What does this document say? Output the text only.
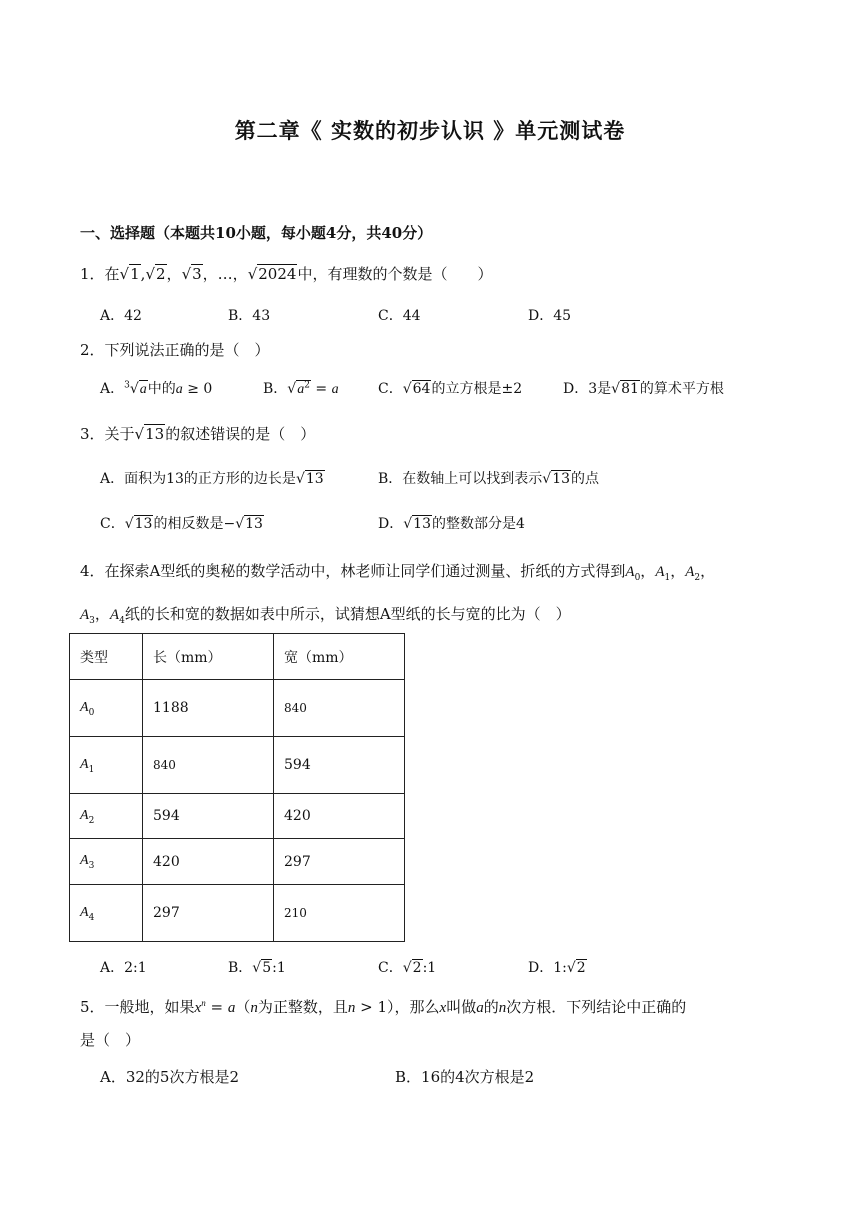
第二章《 实数的初步认识 》单元测试卷
一、选择题（本题共10小题，每小题4分，共40分）
1．在√1,√2，√3，…，√2024中，有理数的个数是（　　）
A．42	B．43	C．44	D．45
2．下列说法正确的是（　）
A．$^3$√a中的a ≥ 0	B．$√a^2 = a$	C．√64的立方根是±2	D．3是√81的算术平方根
3．关于√13的叙述错误的是（　）
A．面积为13的正方形的边长是√13	B．在数轴上可以找到表示√13的点
C．√13的相反数是−√13	D．√13的整数部分是4
4．在探索A型纸的奥秘的数学活动中，林老师让同学们通过测量、折纸的方式得到$A_0$，$A_1$，$A_2$，
$A_3$，$A_4$纸的长和宽的数据如表中所示，试猜想A型纸的长与宽的比为（　）
类型	长（mm）	宽（mm）
$A_0$	1188	840
$A_1$	840	594
$A_2$	594	420
$A_3$	420	297
$A_4$	297	210
A．2:1	B．√5:1	C．√2:1	D．1:√2
5．一般地，如果$x^n = a(n$为正整数，且n > 1），那么x叫做a的n次方根．下列结论中正确的
是（　）
A．32的5次方根是2	B．16的4次方根是2
